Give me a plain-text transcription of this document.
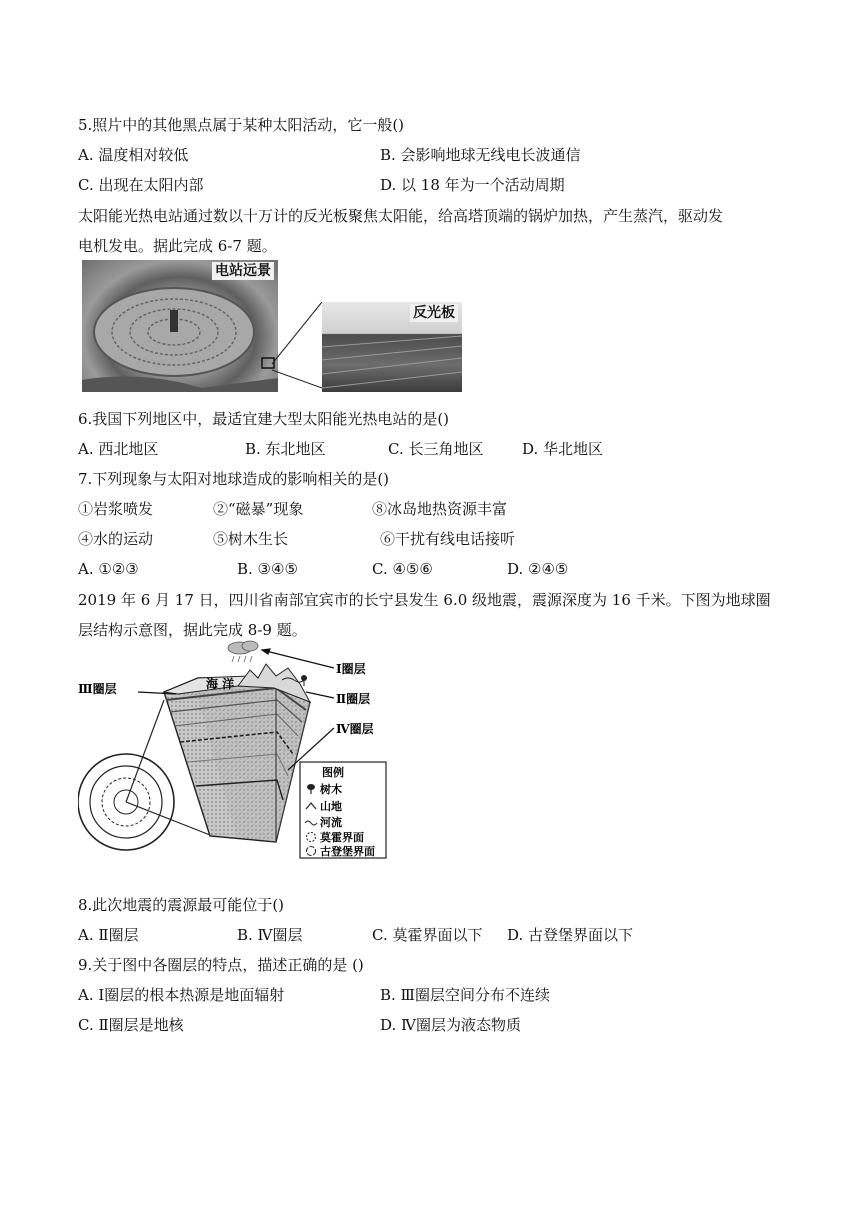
5.照片中的其他黑点属于某种太阳活动，它一般()
A. 温度相对较低	B. 会影响地球无线电长波通信
C. 出现在太阳内部	D. 以 18 年为一个活动周期
太阳能光热电站通过数以十万计的反光板聚焦太阳能，给高塔顶端的锅炉加热，产生蒸汽，驱动发
电机发电。据此完成 6-7 题。
电站远景
反光板
6.我国下列地区中，最适宜建大型太阳能光热电站的是()
A. 西北地区	B. 东北地区	C. 长三角地区	D. 华北地区
7.下列现象与太阳对地球造成的影响相关的是()
①岩浆喷发	②“磁暴”现象	⑧冰岛地热资源丰富
④水的运动	⑤树木生长	⑥干扰有线电话接听
A. ①②③	B. ③④⑤	C. ④⑤⑥	D. ②④⑤
2019 年 6 月 17 日，四川省南部宜宾市的长宁县发生 6.0 级地震，震源深度为 16 千米。下图为地球圈
层结构示意图，据此完成 8-9 题。
海 洋
Ⅰ圈层
Ⅱ圈层
Ⅲ圈层
Ⅳ圈层
图例
树木
山地
河流
莫霍界面
古登堡界面
8.此次地震的震源最可能位于()
A. Ⅱ圈层	B. Ⅳ圈层	C. 莫霍界面以下 D. 古登堡界面以下
9.关于图中各圈层的特点，描述正确的是 ()
A. Ⅰ圈层的根本热源是地面辐射	B. Ⅲ圈层空间分布不连续
C. Ⅱ圈层是地核	D. Ⅳ圈层为液态物质
